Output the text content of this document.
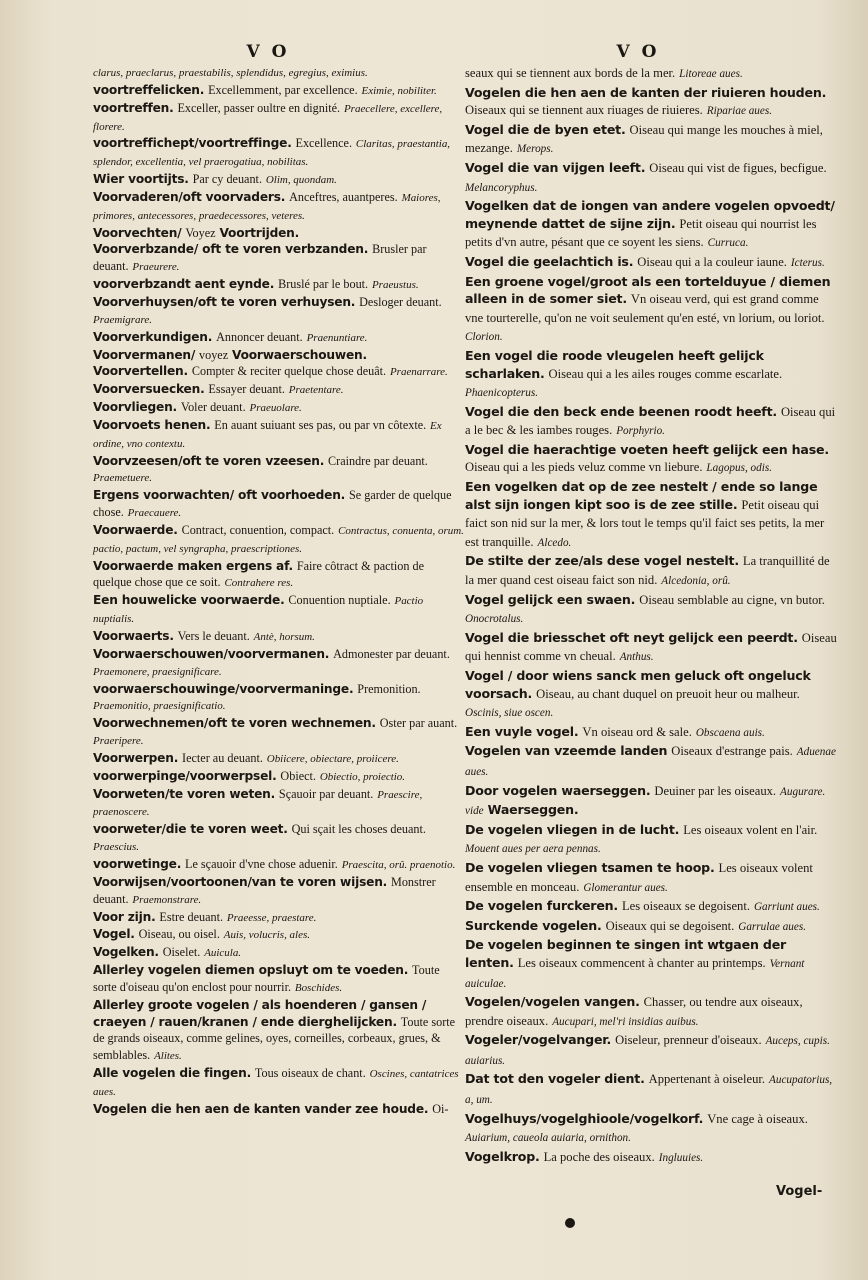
V O	V O

clarus, praeclarus, praestabilis, splendidus, egregius, eximius.

voortreffelicken. Excellemment, par excellence. Eximie, nobiliter.

voortreffen. Exceller, passer oultre en dignité. Praecellere, excellere, florere.

voortreffichept/voortreffinge. Excellence. Claritas, praestantia, splendor, excellentia, vel praerogatiua, nobilitas.

Wier voortijts. Par cy deuant. Olim, quondam.

Voorvaderen/oft voorvaders. Anceftres, auantperes. Maiores, primores, antecessores, praedecessores, veteres.

Voorvechten/ Voyez Voortrijden.

Voorverbzande/ oft te voren verbzanden. Brusler par deuant. Praeurere.

voorverbzandt aent eynde. Bruslé par le bout. Praeustus.

Voorverhuysen/oft te voren verhuysen. Desloger deuant. Praemigrare.

Voorverkundigen. Annoncer deuant. Praenuntiare.

Voorvermanen/ voyez Voorwaerschouwen.

Voorvertellen. Compter & reciter quelque chose deuât. Praenarrare.

Voorversuecken. Essayer deuant. Praetentare.

Voorvliegen. Voler deuant. Praeuolare.

Voorvoets henen. En auant suiuant ses pas, ou par vn côtexte. Ex ordine, vno contextu.

Voorvzeesen/oft te voren vzeesen. Craindre par deuant. Praemetuere.

Ergens voorwachten/ oft voorhoeden. Se garder de quelque chose. Praecauere.

Voorwaerde. Contract, conuention, compact. Contractus, conuenta, orum. pactio, pactum, vel syngrapha, praescriptiones.

Voorwaerde maken ergens af. Faire côtract & paction de quelque chose que ce soit. Contrahere res.

Een houwelicke voorwaerde. Conuention nuptiale. Pactio nuptialis.

Voorwaerts. Vers le deuant. Antè, horsum.

Voorwaerschouwen/voorvermanen. Admonester par deuant. Praemonere, praesignificare.

voorwaerschouwinge/voorvermaninge. Premonition. Praemonitio, praesignificatio.

Voorwechnemen/oft te voren wechnemen. Oster par auant. Praeripere.

Voorwerpen. Iecter au deuant. Obiicere, obiectare, proiicere.

voorwerpinge/voorwerpsel. Obiect. Obiectio, proiectio.

Voorweten/te voren weten. Sçauoir par deuant. Praescire, praenoscere.

voorweter/die te voren weet. Qui sçait les choses deuant. Praescius.

voorwetinge. Le sçauoir d'vne chose aduenir. Praescita, orû. praenotio.

Voorwijsen/voortoonen/van te voren wijsen. Monstrer deuant. Praemonstrare.

Voor zijn. Estre deuant. Praeesse, praestare.

Vogel. Oiseau, ou oisel. Auis, volucris, ales.

Vogelken. Oiselet. Auicula.

Allerley vogelen diemen opsluyt om te voeden. Toute sorte d'oiseau qu'on enclost pour nourrir. Boschides.

Allerley groote vogelen / als hoenderen / gansen / craeyen / rauen/kranen / ende dierghelijcken. Toute sorte de grands oiseaux, comme gelines, oyes, corneilles, corbeaux, grues, & semblables. Alites.

Alle vogelen die fingen. Tous oiseaux de chant. Oscines, cantatrices aues.

Vogelen die hen aen de kanten vander zee houde. Oi-

seaux qui se tiennent aux bords de la mer. Litoreae aues.

Vogelen die hen aen de kanten der riuieren houden. Oiseaux qui se tiennent aux riuages de riuieres. Ripariae aues.

Vogel die de byen etet. Oiseau qui mange les mouches à miel, mezange. Merops.

Vogel die van vijgen leeft. Oiseau qui vist de figues, becfigue. Melancoryphus.

Vogelken dat de iongen van andere vogelen opvoedt/ meynende dattet de sijne zijn. Petit oiseau qui nourrist les petits d'vn autre, pésant que ce soyent les siens. Curruca.

Vogel die geelachtich is. Oiseau qui a la couleur iaune. Icterus.

Een groene vogel/groot als een tortelduyue / diemen alleen in de somer siet. Vn oiseau verd, qui est grand comme vne tourterelle, qu'on ne voit seulement qu'en esté, vn lorium, ou loriot. Clorion.

Een vogel die roode vleugelen heeft gelijck scharlaken. Oiseau qui a les ailes rouges comme escarlate. Phaenicopterus.

Vogel die den beck ende beenen roodt heeft. Oiseau qui a le bec & les iambes rouges. Porphyrio.

Vogel die haerachtige voeten heeft gelijck een hase. Oiseau qui a les pieds veluz comme vn liebure. Lagopus, odis.

Een vogelken dat op de zee nestelt / ende so lange alst sijn iongen kipt soo is de zee stille. Petit oiseau qui faict son nid sur la mer, & lors tout le temps qu'il faict ses petits, la mer est tranquille. Alcedo.

De stilte der zee/als dese vogel nestelt. La tranquillité de la mer quand cest oiseau faict son nid. Alcedonia, orû.

Vogel gelijck een swaen. Oiseau semblable au cigne, vn butor. Onocrotalus.

Vogel die briesschet oft neyt gelijck een peerdt. Oiseau qui hennist comme vn cheual. Anthus.

Vogel / door wiens sanck men geluck oft ongeluck voorsach. Oiseau, au chant duquel on preuoit heur ou malheur. Oscinis, siue oscen.

Een vuyle vogel. Vn oiseau ord & sale. Obscaena auis.

Vogelen van vzeemde landen Oiseaux d'estrange pais. Aduenae aues.

Door vogelen waerseggen. Deuiner par les oiseaux. Augurare. vide Waerseggen.

De vogelen vliegen in de lucht. Les oiseaux volent en l'air. Mouent aues per aera pennas.

De vogelen vliegen tsamen te hoop. Les oiseaux volent ensemble en monceau. Glomerantur aues.

De vogelen furckeren. Les oiseaux se degoisent. Garriunt aues.

Surckende vogelen. Oiseaux qui se degoisent. Garrulae aues.

De vogelen beginnen te singen int wtgaen der lenten. Les oiseaux commencent à chanter au printemps. Vernant auiculae.

Vogelen/vogelen vangen. Chasser, ou tendre aux oiseaux, prendre oiseaux. Aucupari, mel'ri insidias auibus.

Vogeler/vogelvanger. Oiseleur, prenneur d'oiseaux. Auceps, cupis. auiarius.

Dat tot den vogeler dient. Appertenant à oiseleur. Aucupatorius, a, um.

Vogelhuys/vogelghioole/vogelkorf. Vne cage à oiseaux. Auiarium, caueola auiaria, ornithon.

Vogelkrop. La poche des oiseaux. Ingluuies.

Vogel-
